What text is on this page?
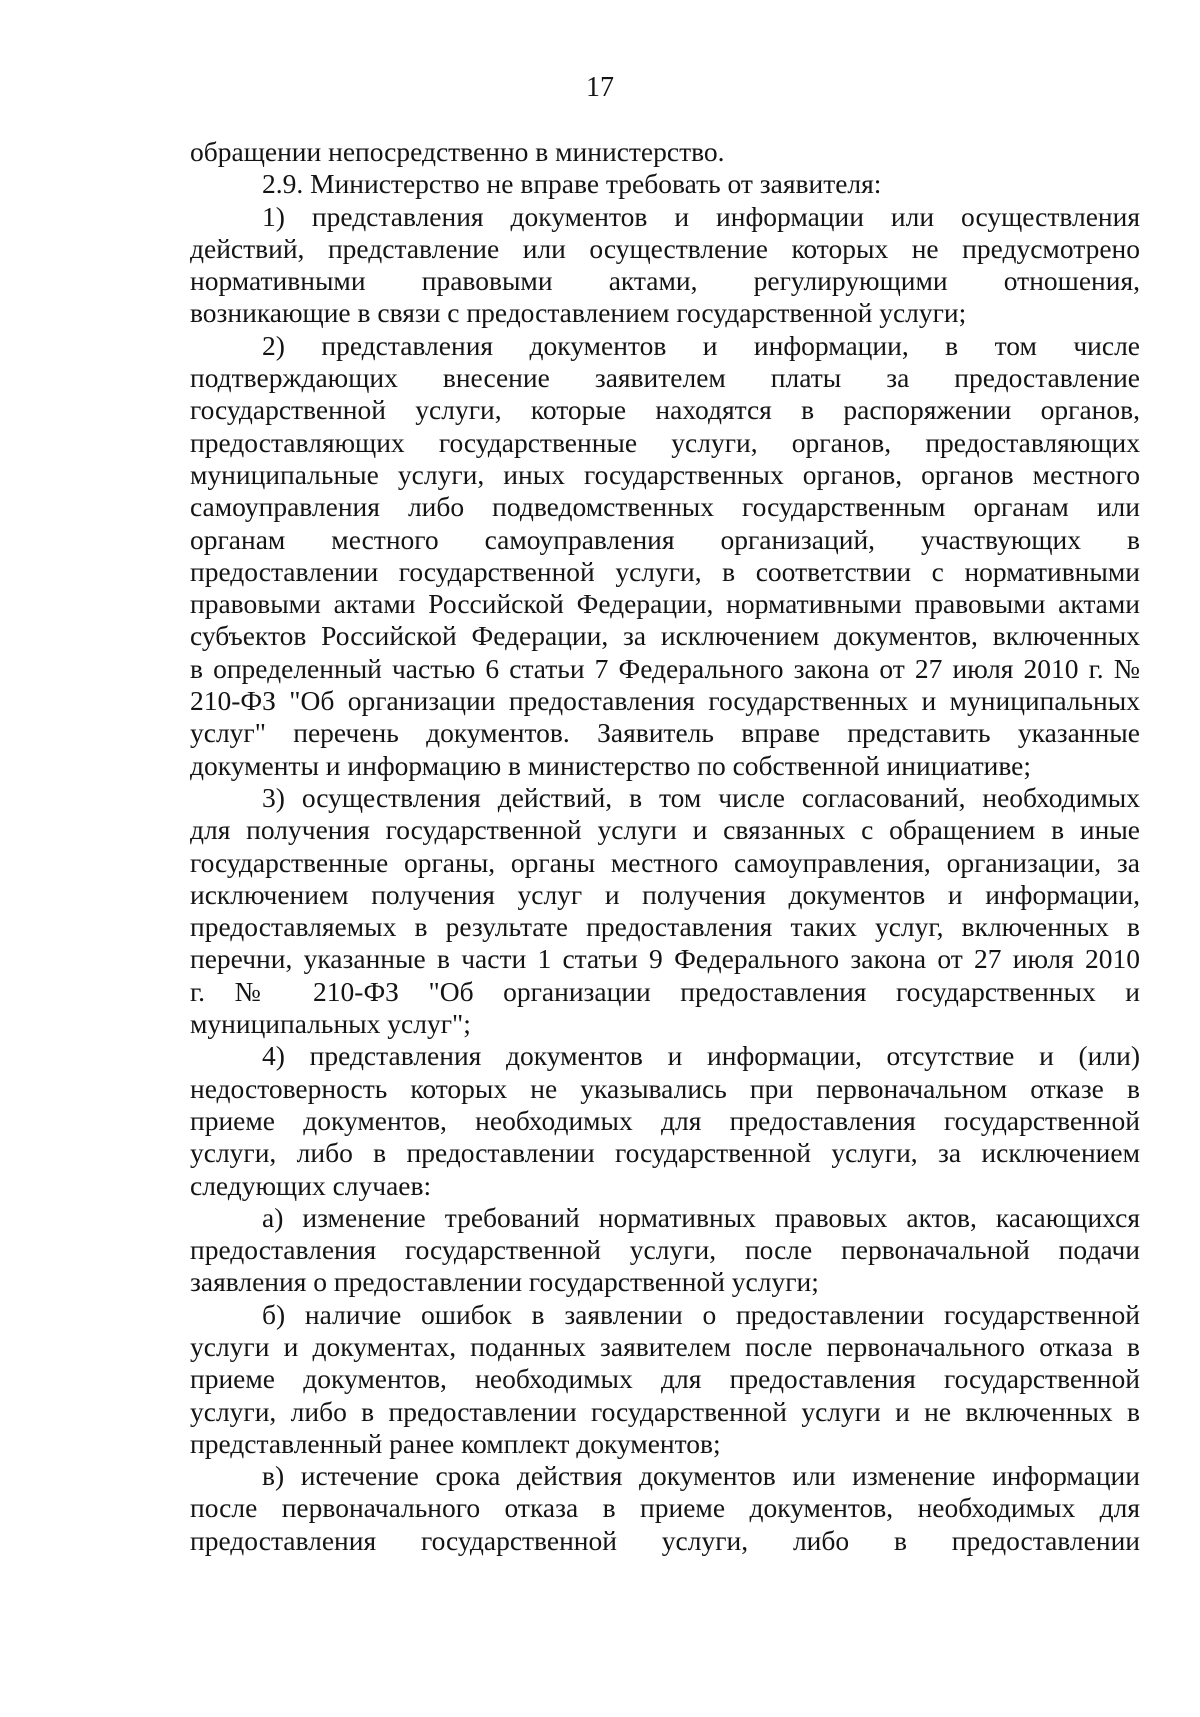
17
обращении непосредственно в министерство.
2.9. Министерство не вправе требовать от заявителя:
1) представления документов и информации или осуществления
действий, представление или осуществление которых не предусмотрено
нормативными правовыми актами, регулирующими отношения,
возникающие в связи с предоставлением государственной услуги;
2) представления документов и информации, в том числе
подтверждающих внесение заявителем платы за предоставление
государственной услуги, которые находятся в распоряжении органов,
предоставляющих государственные услуги, органов, предоставляющих
муниципальные услуги, иных государственных органов, органов местного
самоуправления либо подведомственных государственным органам или
органам местного самоуправления организаций, участвующих в
предоставлении государственной услуги, в соответствии с нормативными
правовыми актами Российской Федерации, нормативными правовыми актами
субъектов Российской Федерации, за исключением документов, включенных
в определенный частью 6 статьи 7 Федерального закона от 27 июля 2010 г. №
210-ФЗ "Об организации предоставления государственных и муниципальных
услуг" перечень документов. Заявитель вправе представить указанные
документы и информацию в министерство по собственной инициативе;
3) осуществления действий, в том числе согласований, необходимых
для получения государственной услуги и связанных с обращением в иные
государственные органы, органы местного самоуправления, организации, за
исключением получения услуг и получения документов и информации,
предоставляемых в результате предоставления таких услуг, включенных в
перечни, указанные в части 1 статьи 9 Федерального закона от 27 июля 2010
г. № 210-ФЗ "Об организации предоставления государственных и
муниципальных услуг";
4) представления документов и информации, отсутствие и (или)
недостоверность которых не указывались при первоначальном отказе в
приеме документов, необходимых для предоставления государственной
услуги, либо в предоставлении государственной услуги, за исключением
следующих случаев:
а) изменение требований нормативных правовых актов, касающихся
предоставления государственной услуги, после первоначальной подачи
заявления о предоставлении государственной услуги;
б) наличие ошибок в заявлении о предоставлении государственной
услуги и документах, поданных заявителем после первоначального отказа в
приеме документов, необходимых для предоставления государственной
услуги, либо в предоставлении государственной услуги и не включенных в
представленный ранее комплект документов;
в) истечение срока действия документов или изменение информации
после первоначального отказа в приеме документов, необходимых для
предоставления государственной услуги, либо в предоставлении
